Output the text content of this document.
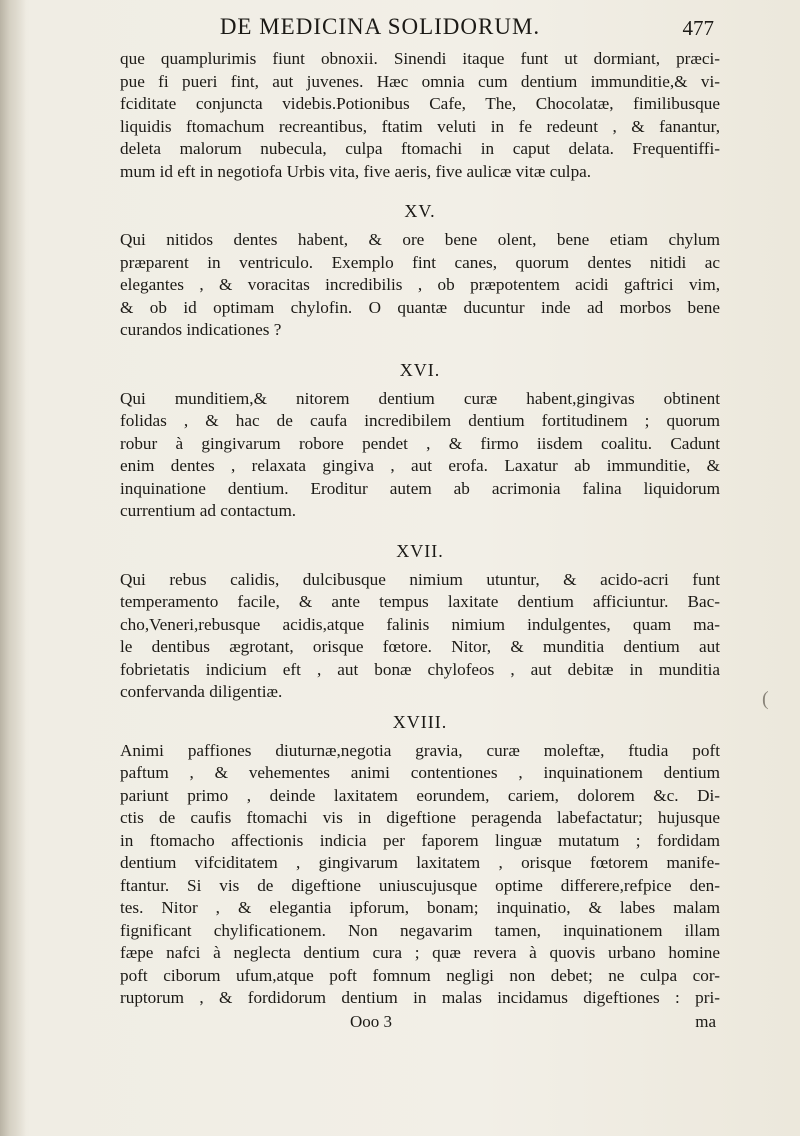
DE MEDICINA SOLIDORUM.	477
que quamplurimis fiunt obnoxii. Sinendi itaque funt ut dormiant, præci-
pue fi pueri fint, aut juvenes. Hæc omnia cum dentium immunditie,& vi-
fciditate conjuncta videbis.Potionibus Cafe, The, Chocolatæ, fimilibusque
liquidis ftomachum recreantibus, ftatim veluti in fe redeunt , & fanantur,
deleta malorum nubecula, culpa ftomachi in caput delata. Frequentiffi-
mum id eft in negotiofa Urbis vita, five aeris, five aulicæ vitæ culpa.
XV.
Qui nitidos dentes habent, & ore bene olent, bene etiam chylum
præparent in ventriculo. Exemplo fint canes, quorum dentes nitidi ac
elegantes , & voracitas incredibilis , ob præpotentem acidi gaftrici vim,
& ob id optimam chylofin. O quantæ ducuntur inde ad morbos bene
curandos indicationes ?
XVI.
Qui munditiem,& nitorem dentium curæ habent,gingivas obtinent
folidas , & hac de caufa incredibilem dentium fortitudinem ; quorum
robur à gingivarum robore pendet , & firmo iisdem coalitu. Cadunt
enim dentes , relaxata gingiva , aut erofa. Laxatur ab immunditie, &
inquinatione dentium. Eroditur autem ab acrimonia falina liquidorum
currentium ad contactum.
XVII.
Qui rebus calidis, dulcibusque nimium utuntur, & acido-acri funt
temperamento facile, & ante tempus laxitate dentium afficiuntur. Bac-
cho,Veneri,rebusque acidis,atque falinis nimium indulgentes, quam ma-
le dentibus ægrotant, orisque fœtore. Nitor, & munditia dentium aut
fobrietatis indicium eft , aut bonæ chylofeos , aut debitæ in munditia
confervanda diligentiæ.
XVIII.
Animi paffiones diuturnæ,negotia gravia, curæ moleftæ, ftudia poft
paftum , & vehementes animi contentiones , inquinationem dentium
pariunt primo , deinde laxitatem eorundem, cariem, dolorem &c. Di-
ctis de caufis ftomachi vis in digeftione peragenda labefactatur; hujusque
in ftomacho affectionis indicia per faporem linguæ mutatum ; fordidam
dentium vifciditatem , gingivarum laxitatem , orisque fœtorem manife-
ftantur. Si vis de digeftione uniuscujusque optime differere,refpice den-
tes. Nitor , & elegantia ipforum, bonam; inquinatio, & labes malam
fignificant chylificationem. Non negavarim tamen, inquinationem illam
fæpe nafci à neglecta dentium cura ; quæ revera à quovis urbano homine
poft ciborum ufum,atque poft fomnum negligi non debet; ne culpa cor-
ruptorum , & fordidorum dentium in malas incidamus digeftiones : pri-
Ooo 3	ma
(
